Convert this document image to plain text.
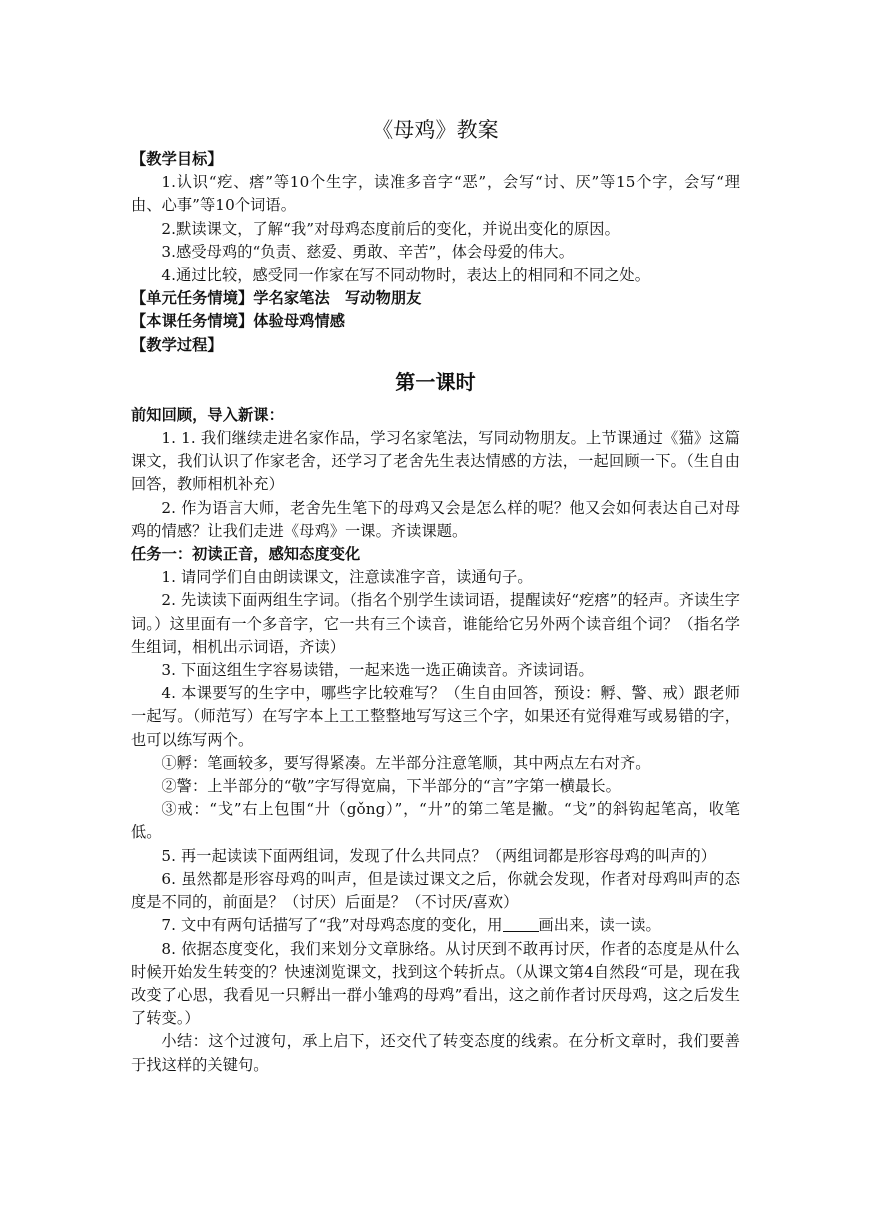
《母鸡》教案

【教学目标】

1.认识“疙、瘩”等10个生字，读准多音字“恶”，会写“讨、厌”等15个字，会写“理由、心事”等10个词语。

2.默读课文，了解“我”对母鸡态度前后的变化，并说出变化的原因。

3.感受母鸡的“负责、慈爱、勇敢、辛苦”，体会母爱的伟大。

4.通过比较，感受同一作家在写不同动物时，表达上的相同和不同之处。

【单元任务情境】学名家笔法　写动物朋友

【本课任务情境】体验母鸡情感

【教学过程】

第一课时

前知回顾，导入新课：

1. 1. 我们继续走进名家作品，学习名家笔法，写同动物朋友。上节课通过《猫》这篇课文，我们认识了作家老舍，还学习了老舍先生表达情感的方法，一起回顾一下。（生自由回答，教师相机补充）

2. 作为语言大师，老舍先生笔下的母鸡又会是怎么样的呢？他又会如何表达自己对母鸡的情感？让我们走进《母鸡》一课。齐读课题。

任务一：初读正音，感知态度变化

1. 请同学们自由朗读课文，注意读准字音，读通句子。

2. 先读读下面两组生字词。（指名个别学生读词语，提醒读好“疙瘩”的轻声。齐读生字词。）这里面有一个多音字，它一共有三个读音，谁能给它另外两个读音组个词？（指名学生组词，相机出示词语，齐读）

3. 下面这组生字容易读错，一起来选一选正确读音。齐读词语。

4. 本课要写的生字中，哪些字比较难写？（生自由回答，预设：孵、警、戒）跟老师一起写。（师范写）在写字本上工工整整地写写这三个字，如果还有觉得难写或易错的字，也可以练写两个。

①孵：笔画较多，要写得紧凑。左半部分注意笔顺，其中两点左右对齐。

②警：上半部分的“敬”字写得宽扁，下半部分的“言”字第一横最长。

③戒：“戈”右上包围“廾（gǒng）”，“廾”的第二笔是撇。“戈”的斜钩起笔高，收笔低。

5. 再一起读读下面两组词，发现了什么共同点？（两组词都是形容母鸡的叫声的）

6. 虽然都是形容母鸡的叫声，但是读过课文之后，你就会发现，作者对母鸡叫声的态度是不同的，前面是？（讨厌）后面是？（不讨厌/喜欢）

7. 文中有两句话描写了“我”对母鸡态度的变化，用 画出来，读一读。

8. 依据态度变化，我们来划分文章脉络。从讨厌到不敢再讨厌，作者的态度是从什么时候开始发生转变的？快速浏览课文，找到这个转折点。（从课文第4自然段“可是，现在我改变了心思，我看见一只孵出一群小雏鸡的母鸡”看出，这之前作者讨厌母鸡，这之后发生了转变。）

小结：这个过渡句，承上启下，还交代了转变态度的线索。在分析文章时，我们要善于找这样的关键句。
